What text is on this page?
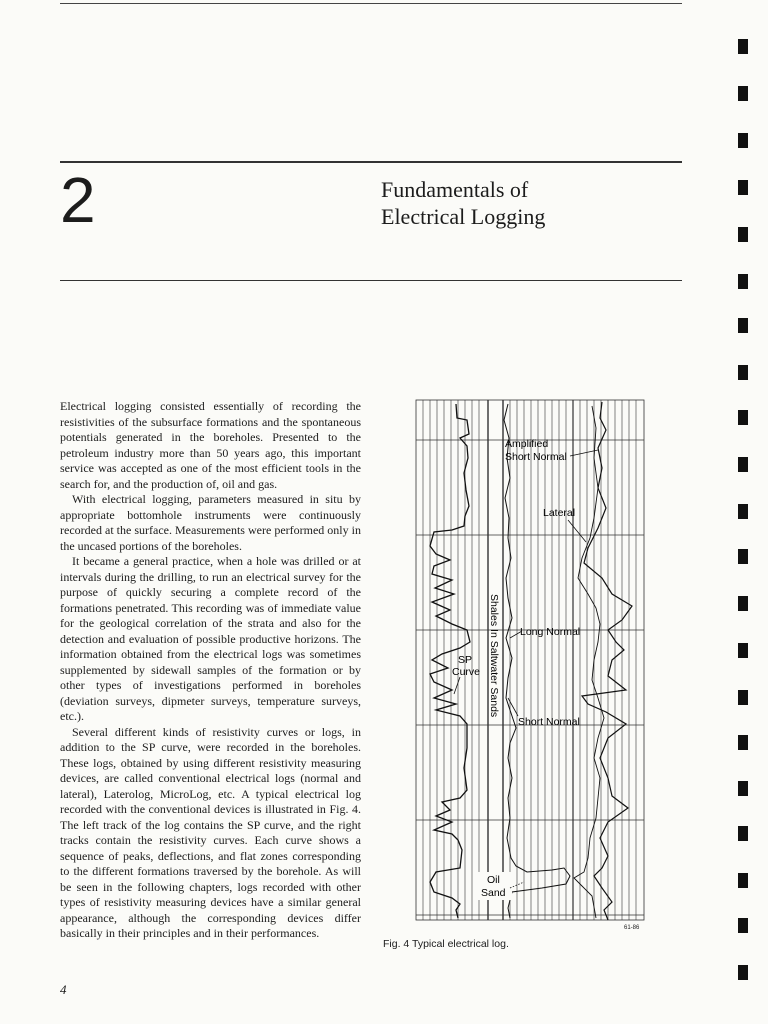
2	Fundamentals of
Electrical Logging

Electrical logging consisted essentially of recording the resistivities of the subsurface formations and the spontaneous potentials generated in the boreholes. Presented to the petroleum industry more than 50 years ago, this important service was accepted as one of the most efficient tools in the search for, and the production of, oil and gas.

With electrical logging, parameters measured in situ by appropriate bottomhole instruments were continuously recorded at the surface. Measurements were performed only in the uncased portions of the boreholes.

It became a general practice, when a hole was drilled or at intervals during the drilling, to run an electrical survey for the purpose of quickly securing a complete record of the formations penetrated. This recording was of immediate value for the geological correlation of the strata and also for the detection and evaluation of possible productive horizons. The information obtained from the electrical logs was sometimes supplemented by sidewall samples of the formation or by other types of investigations performed in boreholes (deviation surveys, dipmeter surveys, temperature surveys, etc.).

Several different kinds of resistivity curves or logs, in addition to the SP curve, were recorded in the boreholes. These logs, obtained by using different resistivity measuring devices, are called conventional electrical logs (normal and lateral), Laterolog, MicroLog, etc. A typical electrical log recorded with the conventional devices is illustrated in Fig. 4. The left track of the log contains the SP curve, and the right tracks contain the resistivity curves. Each curve shows a sequence of peaks, deflections, and flat zones corresponding to the different formations traversed by the borehole. As will be seen in the following chapters, logs recorded with other types of resistivity measuring devices have a similar general appearance, although the corresponding devices differ basically in their principles and in their performances.

Amplified
Short Normal
Lateral
Long Normal
SP
Curve
Short Normal
Shales In Saltwater Sands
Oil
Sand
61-86
Fig. 4 Typical electrical log.
4
